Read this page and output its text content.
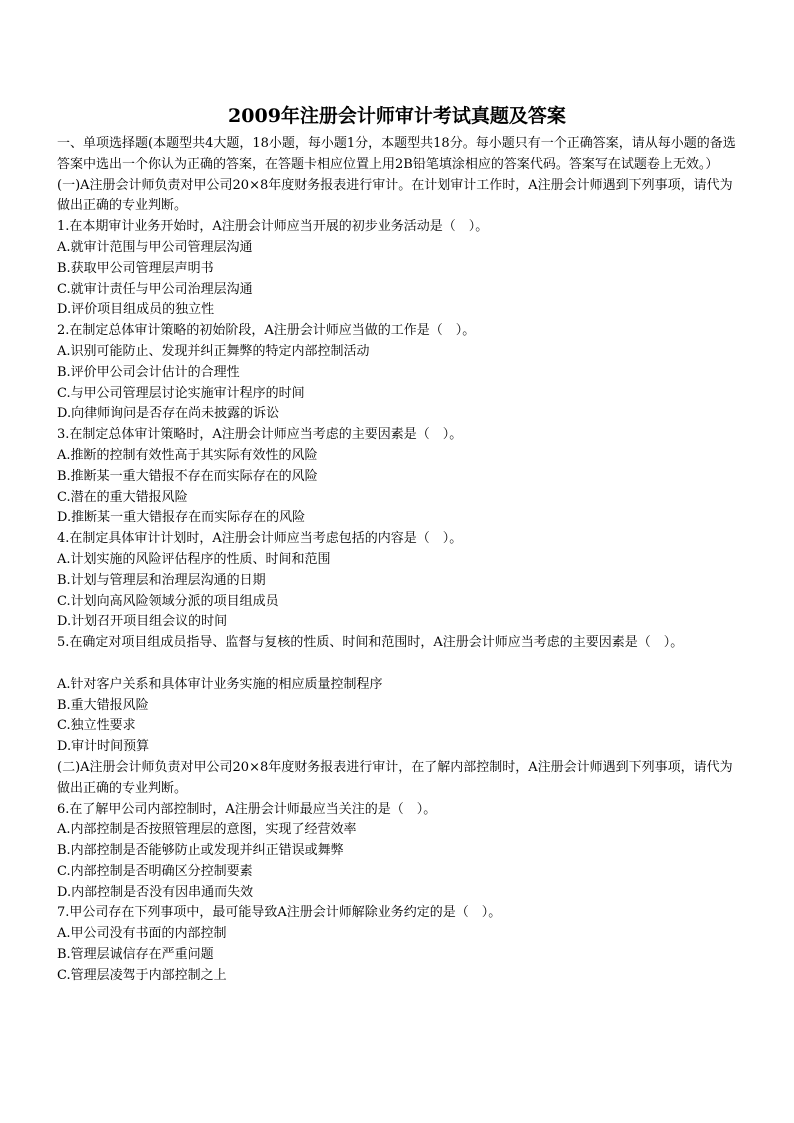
2009年注册会计师审计考试真题及答案

一、单项选择题(本题型共4大题，18小题，每小题1分，本题型共18分。每小题只有一个正确答案，请从每小题的备选答案中选出一个你认为正确的答案，在答题卡相应位置上用2B铅笔填涂相应的答案代码。答案写在试题卷上无效。）

(一)A注册会计师负责对甲公司20×8年度财务报表进行审计。在计划审计工作时，A注册会计师遇到下列事项，请代为做出正确的专业判断。

1.在本期审计业务开始时，A注册会计师应当开展的初步业务活动是（　）。

A.就审计范围与甲公司管理层沟通

B.获取甲公司管理层声明书

C.就审计责任与甲公司治理层沟通

D.评价项目组成员的独立性

2.在制定总体审计策略的初始阶段，A注册会计师应当做的工作是（　）。

A.识别可能防止、发现并纠正舞弊的特定内部控制活动

B.评价甲公司会计估计的合理性

C.与甲公司管理层讨论实施审计程序的时间

D.向律师询问是否存在尚未披露的诉讼

3.在制定总体审计策略时，A注册会计师应当考虑的主要因素是（　）。

A.推断的控制有效性高于其实际有效性的风险

B.推断某一重大错报不存在而实际存在的风险

C.潜在的重大错报风险

D.推断某一重大错报存在而实际存在的风险

4.在制定具体审计计划时，A注册会计师应当考虑包括的内容是（　）。

A.计划实施的风险评估程序的性质、时间和范围

B.计划与管理层和治理层沟通的日期

C.计划向高风险领域分派的项目组成员

D.计划召开项目组会议的时间

5.在确定对项目组成员指导、监督与复核的性质、时间和范围时，A注册会计师应当考虑的主要因素是（　）。

A.针对客户关系和具体审计业务实施的相应质量控制程序

B.重大错报风险

C.独立性要求

D.审计时间预算

(二)A注册会计师负责对甲公司20×8年度财务报表进行审计，在了解内部控制时，A注册会计师遇到下列事项，请代为做出正确的专业判断。

6.在了解甲公司内部控制时，A注册会计师最应当关注的是（　）。

A.内部控制是否按照管理层的意图，实现了经营效率

B.内部控制是否能够防止或发现并纠正错误或舞弊

C.内部控制是否明确区分控制要素

D.内部控制是否没有因串通而失效

7.甲公司存在下列事项中，最可能导致A注册会计师解除业务约定的是（　）。

A.甲公司没有书面的内部控制

B.管理层诚信存在严重问题

C.管理层凌驾于内部控制之上
